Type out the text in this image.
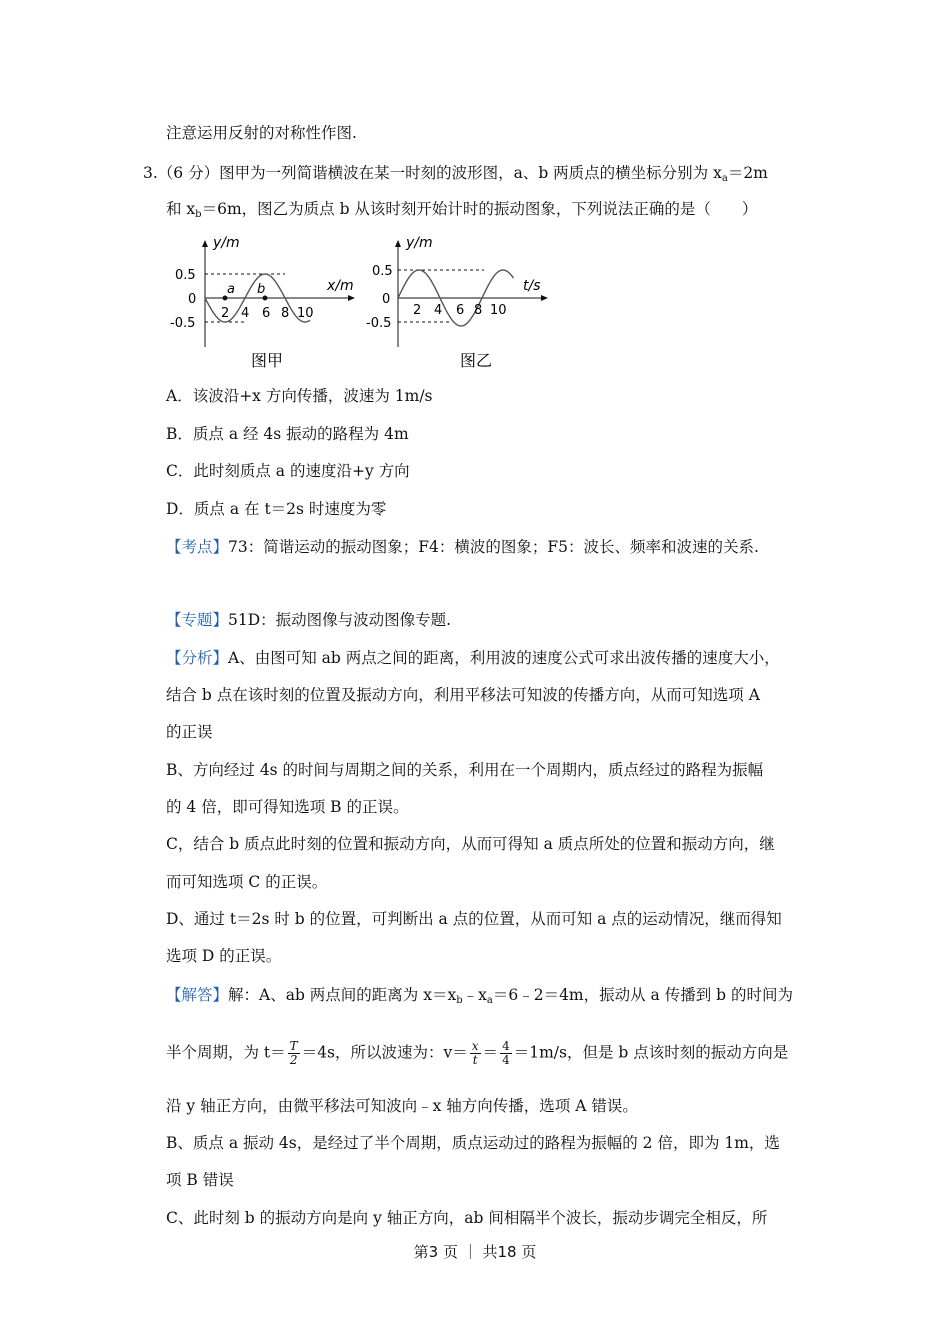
注意运用反射的对称性作图.
3.（6 分）图甲为一列简谐横波在某一时刻的波形图，a、b 两质点的横坐标分别为 $x_a=2m$
和 $x_b=6m$，图乙为质点 b 从该时刻开始计时的振动图象，下列说法正确的是（　　）
y/m
x/m
0.5
0
-0.5
a b
2 4 6 8 10
图甲
y/m
t/s
0.5
0
-0.5
2 4 6 8 10
图乙
A．该波沿+x 方向传播，波速为 1m/s
B．质点 a 经 4s 振动的路程为 4m
C．此时刻质点 a 的速度沿+y 方向
D．质点 a 在 t＝2s 时速度为零
【考点】73：简谐运动的振动图象；F4：横波的图象；F5：波长、频率和波速的关系.
【专题】51D：振动图像与波动图像专题.
【分析】A、由图可知 ab 两点之间的距离，利用波的速度公式可求出波传播的速度大小，
结合 b 点在该时刻的位置及振动方向，利用平移法可知波的传播方向，从而可知选项 A
的正误
B、方向经过 4s 的时间与周期之间的关系，利用在一个周期内，质点经过的路程为振幅
的 4 倍，即可得知选项 B 的正误。
C，结合 b 质点此时刻的位置和振动方向，从而可得知 a 质点所处的位置和振动方向，继
而可知选项 C 的正误。
D、通过 t＝2s 时 b 的位置，可判断出 a 点的位置，从而可知 a 点的运动情况，继而得知
选项 D 的正误。
【解答】解：A、ab 两点间的距离为 $x=x_b﹣x_a=6﹣2=4m$，振动从 a 传播到 b 的时间为
半个周期，为 $t= \frac{T}{2} =4s$，所以波速为：$v= \frac{x}{t} = \frac{4}{4} =1m/s$，但是 b 点该时刻的振动方向是
沿 y 轴正方向，由微平移法可知波向﹣x 轴方向传播，选项 A 错误。
B、质点 a 振动 4s，是经过了半个周期，质点运动过的路程为振幅的 2 倍，即为 1m，选
项 B 错误
C、此时刻 b 的振动方向是向 y 轴正方向，ab 间相隔半个波长，振动步调完全相反，所
第3 页 ｜ 共18 页
